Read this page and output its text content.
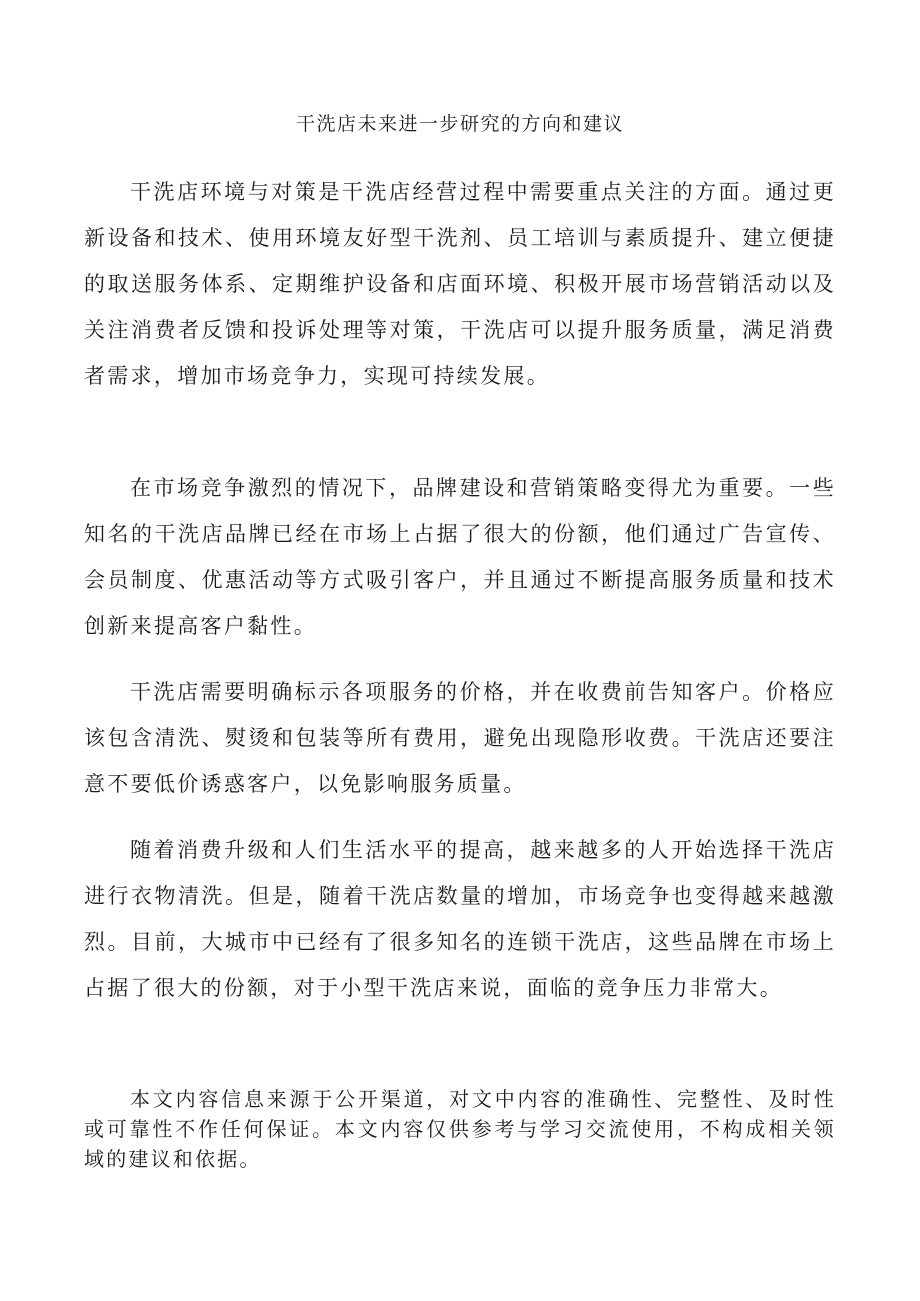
干洗店未来进一步研究的方向和建议

干洗店环境与对策是干洗店经营过程中需要重点关注的方面。通过更新设备和技术、使用环境友好型干洗剂、员工培训与素质提升、建立便捷的取送服务体系、定期维护设备和店面环境、积极开展市场营销活动以及关注消费者反馈和投诉处理等对策，干洗店可以提升服务质量，满足消费者需求，增加市场竞争力，实现可持续发展。

在市场竞争激烈的情况下，品牌建设和营销策略变得尤为重要。一些知名的干洗店品牌已经在市场上占据了很大的份额，他们通过广告宣传、会员制度、优惠活动等方式吸引客户，并且通过不断提高服务质量和技术创新来提高客户黏性。

干洗店需要明确标示各项服务的价格，并在收费前告知客户。价格应该包含清洗、熨烫和包装等所有费用，避免出现隐形收费。干洗店还要注意不要低价诱惑客户，以免影响服务质量。

随着消费升级和人们生活水平的提高，越来越多的人开始选择干洗店进行衣物清洗。但是，随着干洗店数量的增加，市场竞争也变得越来越激烈。目前，大城市中已经有了很多知名的连锁干洗店，这些品牌在市场上占据了很大的份额，对于小型干洗店来说，面临的竞争压力非常大。

本文内容信息来源于公开渠道，对文中内容的准确性、完整性、及时性或可靠性不作任何保证。本文内容仅供参考与学习交流使用，不构成相关领域的建议和依据。
